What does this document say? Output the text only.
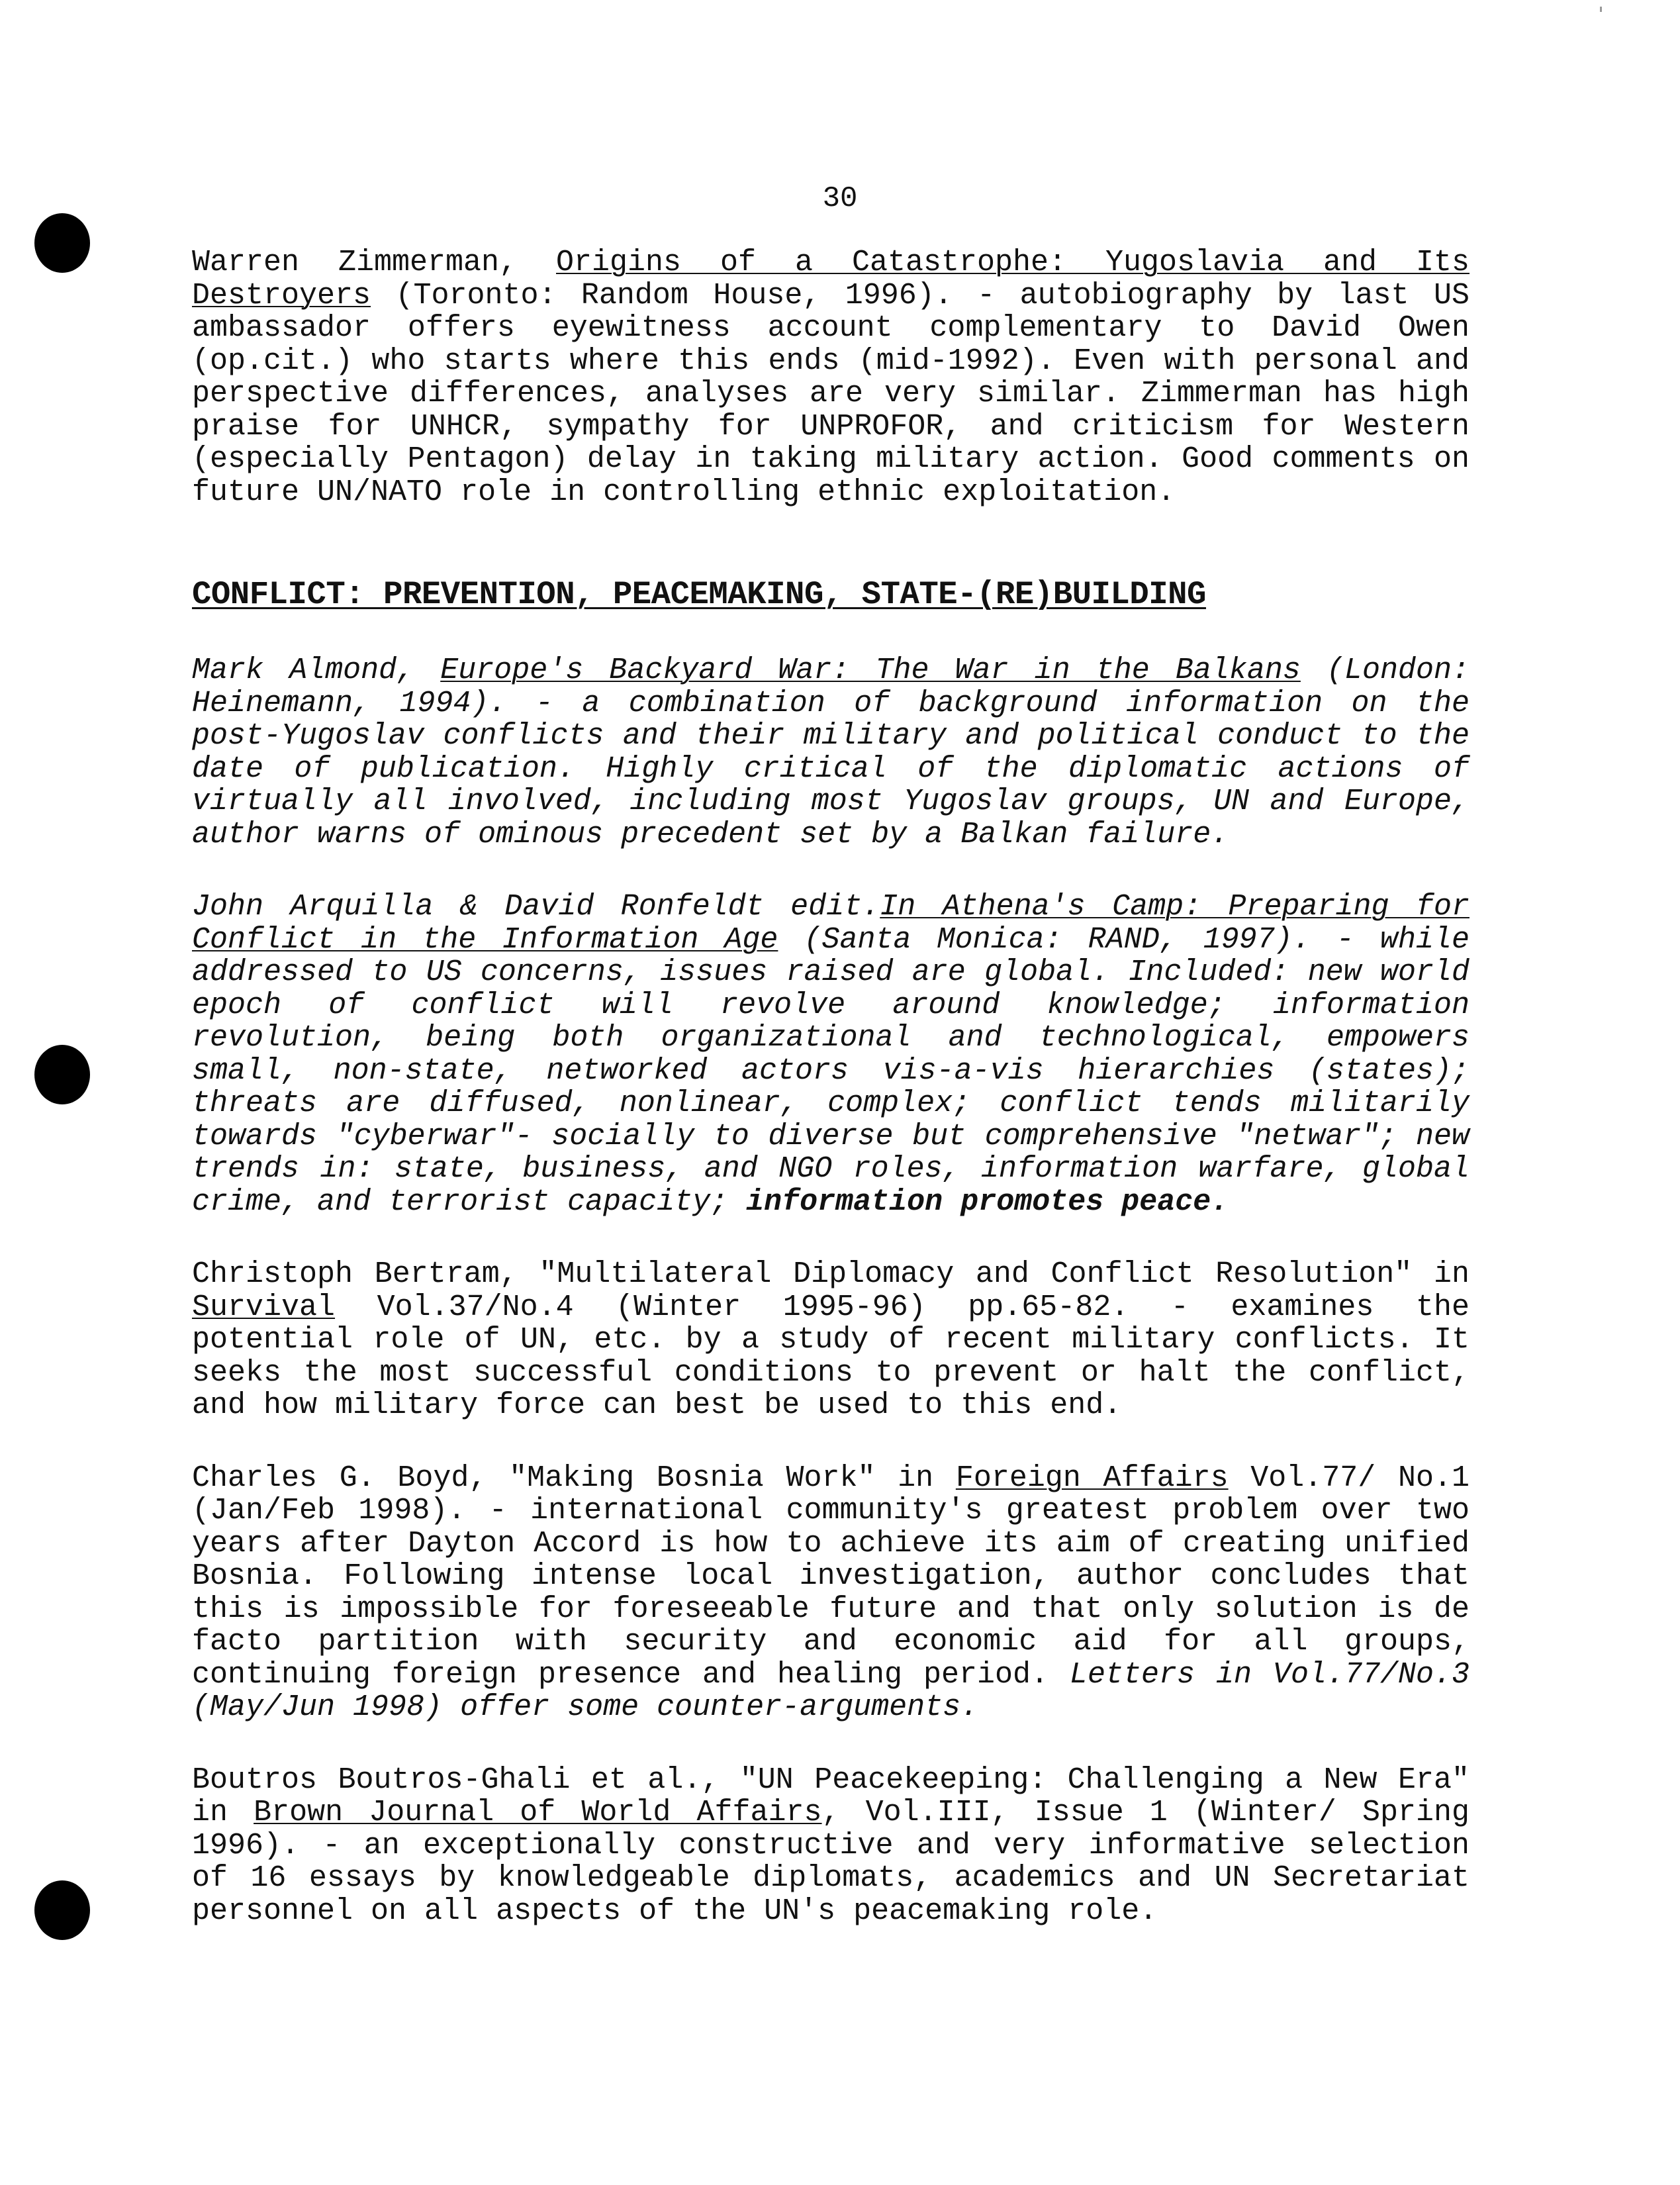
30

Warren Zimmerman, Origins of a Catastrophe: Yugoslavia and Its Destroyers (Toronto: Random House, 1996). - autobiography by last US ambassador offers eyewitness account complementary to David Owen (op.cit.) who starts where this ends (mid-1992). Even with personal and perspective differences, analyses are very similar. Zimmerman has high praise for UNHCR, sympathy for UNPROFOR, and criticism for Western (especially Pentagon) delay in taking military action. Good comments on future UN/NATO role in controlling ethnic exploitation.

CONFLICT: PREVENTION, PEACEMAKING, STATE-(RE)BUILDING

Mark Almond, Europe's Backyard War: The War in the Balkans (London: Heinemann, 1994). - a combination of background information on the post-Yugoslav conflicts and their military and political conduct to the date of publication. Highly critical of the diplomatic actions of virtually all involved, including most Yugoslav groups, UN and Europe, author warns of ominous precedent set by a Balkan failure.

John Arquilla & David Ronfeldt edit.In Athena's Camp: Preparing for Conflict in the Information Age (Santa Monica: RAND, 1997). - while addressed to US concerns, issues raised are global. Included: new world epoch of conflict will revolve around knowledge; information revolution, being both organizational and technological, empowers small, non-state, networked actors vis-a-vis hierarchies (states); threats are diffused, nonlinear, complex; conflict tends militarily towards "cyberwar"- socially to diverse but comprehensive "netwar"; new trends in: state, business, and NGO roles, information warfare, global crime, and terrorist capacity; information promotes peace.

Christoph Bertram, "Multilateral Diplomacy and Conflict Resolution" in Survival Vol.37/No.4 (Winter 1995-96) pp.65-82. - examines the potential role of UN, etc. by a study of recent military conflicts. It seeks the most successful conditions to prevent or halt the conflict, and how military force can best be used to this end.

Charles G. Boyd, "Making Bosnia Work" in Foreign Affairs Vol.77/ No.1 (Jan/Feb 1998). - international community's greatest problem over two years after Dayton Accord is how to achieve its aim of creating unified Bosnia. Following intense local investigation, author concludes that this is impossible for foreseeable future and that only solution is de facto partition with security and economic aid for all groups, continuing foreign presence and healing period. Letters in Vol.77/No.3 (May/Jun 1998) offer some counter-arguments.

Boutros Boutros-Ghali et al., "UN Peacekeeping: Challenging a New Era" in Brown Journal of World Affairs, Vol.III, Issue 1 (Winter/ Spring 1996). - an exceptionally constructive and very informative selection of 16 essays by knowledgeable diplomats, academics and UN Secretariat personnel on all aspects of the UN's peacemaking role.
